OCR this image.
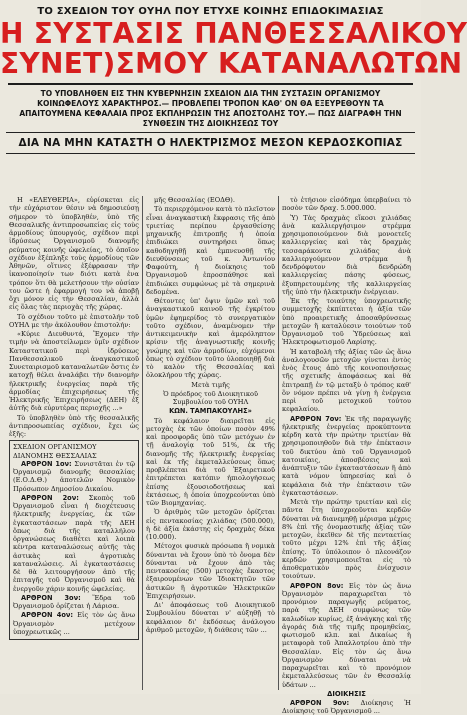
ΤΟ ΣΧΕΔΙΟΝ ΤΟΥ ΟΥΗΛ ΠΟΥ ΕΤΥΧΕ ΚΟΙΝΗΣ ΕΠΙΔΟΚΙΜΑΣΙΑΣ
Η ΣΥΣΤΑΣΙΣ ΠΑΝΘΕΣΣΑΛΙΚΟΥ
ΣΥΝΕΤ)ΣΜΟΥ ΚΑΤΑΝΑΛΩΤΩΝ
ΤΟ ΥΠΟΒΛΗΘΕΝ ΕΙΣ ΤΗΝ ΚΥΒΕΡΝΗΣΙΝ ΣΧΕΔΙΟΝ ΔΙΑ ΤΗΝ ΣΥΣΤΑΣΙΝ ΟΡΓΑΝΙΣΜΟΥ ΚΟΙΝΩΦΕΛΟΥΣ ΧΑΡΑΚΤΗΡΟΣ.— ΠΡΟΒΛΕΠΕΙ ΤΡΟΠΟΝ ΚΑΘ' ΟΝ ΘΑ ΕΞΕΥΡΕΘΟΥΝ ΤΑ ΑΠΑΙΤΟΥΜΕΝΑ ΚΕΦΑΛΑΙΑ ΠΡΟΣ ΕΚΠΛΗΡΩΣΙΝ ΤΗΣ ΑΠΟΣΤΟΛΗΣ ΤΟΥ.— ΠΩΣ ΔΙΑΓΡΑΦΗ ΤΗΝ ΣΥΝΘΕΣΙΝ ΤΗΣ ΔΙΟΙΚΗΣΕΩΣ ΤΟΥ
ΔΙΑ ΝΑ ΜΗΝ ΚΑΤΑΣΤΗ Ο ΗΛΕΚΤΡΙΣΜΟΣ ΜΕΣΟΝ ΚΕΡΔΟΣΚΟΠΙΑΣ

Η «ΕΛΕΥΘΕΡΙΑ», εὐρίσκεται εἰς τὴν εὐχάριστον θέσιν νὰ δημοσιεύσῃ σήμερον τὸ ὑποβληθέν, ὑπὸ τῆς Θεσσαλικῆς ἀντιπροσωπείας εἰς τοὺς ἁρμοδίους ὑπουργούς, σχέδιον περὶ ἱδρύσεως Ὀργανισμοῦ διανομῆς ρεύματος κοινῆς ὠφελείας, τὸ ὁποῖον σχέδιον ἐξέπληξε τοὺς ἁρμοδίους τῶν Ἀθηνῶν, οἵτινες ἐξέφρασαν τὴν ἱκανοποίησίν των διότι κατὰ ἐνα τρόπον ὅτι θὰ μελετήσουν τὴν οὐσίαν του ὥστε ἡ ἐφαρμογή του νὰ ἀποβῇ ὄχι μόνον εἰς τὴν Θεσσαλίαν, ἀλλὰ εἰς ὅλας τὰς περιοχὰς τῆς χώρας.

Τὸ σχέδιον τοῦτο μὲ ἐπιστολήν τοῦ ΟΥΗΛ με τὴν ἀκόλουθον ἐπιστολήν:

«Κύριε Διευθυντά, Ἔχομεν τὴν τιμὴν νὰ ἀποστείλωμεν ὑμῖν σχέδιον Καταστατικοῦ περὶ ἱδρύσεως Πανθεσσαλικοῦ ἀναγκαστικοῦ Συνεταιρισμοῦ καταναλωτῶν ὅστις ἐν κατοχῇ θέλει ἀναλάβει τὴν διανομὴν ἠλεκτρικῆς ἐνεργείας παρὰ τῆς ἁρμοδίας ἐπιχειρήσεως τῆς Ἠλεκτρικῆς Ἐπιχειρήσεως (ΔΕΗ) ἐξ ἀὐτῆς διὰ εὐρυτέρας περιοχῆς ...»

Τὸ ὑποβληθὲν ὑπὸ τῆς θεσσαλικῆς ἀντιπροσωπείας σχέδιον, ἔχει ὡς ἑξῆς:

ΣΧΕΔΙΟΝ ΟΡΓΑΝΙΣΜΟΥ
ΔΙΑΝΟΜΗΣ ΘΕΣΣΑΛΙΑΣ

ΑΡΘΡΟΝ 1ον: Συνιστᾶται ἐν τῷ Ὀργανισμῷ διανομῆς θεσσαλίας (Ε.Ο.Δ.Θ.) ἀποτελῶν Νομικὸν Πρόσωπον Δημοσίου Δικαίου.

ΑΡΘΡΟΝ 2ον: Σκοπὸς τοῦ Ὀργανισμοῦ εἶναι ἡ διοχέτευσις ἠλεκτρικῆς ἐνεργείας, ἐκ τῶν ἐγκαταστάσεων παρὰ τῆς ΔΕΗ ὅπως διὰ τῆς καταλλήλου ὀργανώσεως διαθέτει καὶ λοιπὰ κέντρα καταναλώσεως αὐτῆς τὰς ἀστικὰς καὶ ἀγροτικὰς καταναλώσεις. Αἱ ἐγκαταστάσεις δὲ θὰ λειτουργήσουν ἀπὸ τῆς ἐπιταγῆς τοῦ Ὀργανισμοῦ καὶ θὰ ἐνεργοῦν χάριν κοινῆς ὠφελείας.

ΑΡΘΡΟΝ 3ον: Ἕδρα τοῦ Ὀργανισμοῦ ὁρίζεται ἡ Λάρισα.

ΑΡΘΡΟΝ 4ον: Εἰς τὸν ὡς ἄνω Ὀργανισμὸν μετέχουν ὑποχρεωτικῶς ...

μῆς Θεσσαλίας (ΕΟΔΘ).

Τὸ περιερχόμενον κατὰ τὸ πλεῖστον εἶναι ἀναγκαστικὴ ἔκφρασις τῆς ἀπὸ τριετίας περίπου ἐργασθείσης μηχανικῆς ἐπιτροπῆς ἡ ὁποία ἐπιδιώκει συντηρήσει ὅπως καθοδηγηθῇ καὶ ἐμπνευσθῇ τῆς διευθύνσεως τοῦ κ. Ἀντωνίου Φαφούτη, ἡ διοίκησις τοῦ Ὀργανισμοῦ ἐπροσπάθησε καὶ ἐπιδιώκει συμφώνως μὲ τὰ σημερινὰ δεδομένα.

Θέτοντες ὑπ' ὄψιν ὑμῶν καὶ τοῦ ἀναγκαστικοῦ καινοῦ τῆς ἐγκρίτου ὑμῶν ἐφημερίδος τὸ συνεργατικὸν τοῦτο σχέδιον, ἀναμένομεν τὴν ἀντικειμενικὴν καὶ ἀμερόληπτον κρίσιν τῆς ἀναγνωστικῆς κοινῆς γνώμης καὶ τῶν ἁρμοδίων, εὐχόμενοι ὅπως τὸ σχέδιον τοῦτο ὑλοποιηθῇ διὰ τὸ καλὸν τῆς Θεσσαλίας καὶ ὁλοκλήρου τῆς χώρας.

Μετὰ τιμῆς

Ὁ πρόεδρος τοῦ Διοικητικοῦ Συμβουλίου τοῦ ΟΥΗΛ

ΚΩΝ. ΤΑΜΠΑΚΟΥΛΗΣ»

Τὸ κεφάλαιον διαιρεῖται εἰς μετοχὰς ἐκ τῶν ὁποίων ποσὸν 49% καὶ προσφορᾶς ὑπὸ τῶν μετόχων ἐν τῇ ἀναλογίᾳ τοῦ 51%, ἐκ τῆς διανομῆς τῆς ἠλεκτρικῆς ἐνεργείας καὶ ἐκ τῆς ἐκμεταλλεύσεως ὅπως προβλέπεται διὰ τοῦ Ἐξαιρετικοῦ ἐπιτρέπεται κατόπιν ἠπιολογήσεως ἐπίσης ἐξουσιοδοτήσεως καὶ ἐκτάσεως, ἡ ὁποία ὑποχρεούνται ὑπὸ τῶν Βιομηχανίας.

Ὁ ἀριθμὸς τῶν μετοχῶν ὁρίζεται εἰς πεντακοσίας χιλιάδας (500.000), ἡ δὲ ἀξία ἑκάστης εἰς δραχμὰς δέκα (10.000).

Μέτοχοι φυσικὰ πρόσωπα ἢ νομικὰ δύνανται νὰ ἔχουν ὑπὸ τὸ ὄνομα δὲν δύνανται νὰ ἔχουν ἀπὸ τὰς πεντακοσίας (500) μετοχὰς ἕκαστος ἐξαιρουμένων τῶν Ἰδιοκτητῶν τῶν ἀστικῶν ἢ ἀγροτικῶν Ἠλεκτρικῶν Ἐπιχειρήσεων.

Δι' ἀποφάσεως τοῦ Διοικητικοῦ Συμβουλίου δύναται ν' αὐξηθῇ τὸ κεφάλαιον δι' ἐκδόσεως ἀνάλογου ἀριθμοῦ μετοχῶν, ἡ διάθεσις τῶν ...

τὸ ἐτήσιον εἰσόδημα ὑπερβαίνει τὸ ποσὸν τῶν δραχ. 5.000.000.

Ὑ) Τὰς δραχμὰς εἴκοσι χιλιάδας ἀνὰ καλλιεργήσιμον στρέμμα χρησιμοποιούμενον διὰ μονοετεῖς καλλιεργείας καὶ τὰς δραχμὰς τεσσαράκοντα χιλιάδας ἀνὰ καλλιεργούμενον στρέμμα ἢ δενδρόφυτον διὰ δενδρώδη καλλιεργείας πάσης φύσεως, ἐξυπηρετουμένης τῆς καλλιεργείας τῆς ὑπὸ τὴν ἠλεκτρικὴν ἐνέργειαν.

Ἐκ τῆς τοιαύτης ὑποχρεωτικῆς συμμετοχῆς ἐκπίπτεται ἡ ἀξία τῶν ὑπὸ προαιρετικῆς ἀποσαθρύνσεως μετοχῶν ἢ καταλύεσιν τοιούτων τοῦ Ὀργανισμοῦ τοῦ Ὑδρεύσεως καὶ Ἠλεκτροφωτισμοῦ Λαρίσης.

Ἡ καταβολὴ τῆς ἀξίας τῶν ὡς ἄνω ἀναλογουσῶν μετοχῶν γίνεται ἐντὸς ἑνὸς ἔτους ἀπὸ τῆς κοινοποιήσεως τῆς σχετικῆς ἀποφάσεως καὶ θὰ ἐπιτραπῇ ἐν τῷ μεταξὺ ὁ τρόπος καθ' ὃν νόμον πρέπει νὰ γίνῃ ἡ ἐνέργεια περὶ τοῦ μετοχικοῦ τούτου κεφαλαίου.

ΑΡΘΡΟΝ 7ον: Ἐκ τῆς παραγωγῆς ἠλεκτρικῆς ἐνεργείας προκύπτοντα κέρδη κατὰ τὴν πρώτην τριετίαν θὰ χρησιμοποιηθοῦν διὰ τὴν ἐπέκτασιν τοῦ δικτύου ἀπὸ τοῦ Ὀργανισμοῦ κατοικίαις, ἀποσβέσεις καὶ ἀνάπτυξιν τῶν ἐγκαταστάσεων ἢ ἀπὸ κατὰ νόμον ὑπηρεσίας καὶ ὁ κεφάλαια διὰ τὴν ἐπέκτασιν τῶν ἐγκαταστάσεων.

Μετὰ τὴν πρώτην τριετίαν καὶ εἰς πᾶντα ἔτη ὑποχρεοῦνται κερδῶν δύναται νὰ διανεμηθῇ μέρισμα μέχρις 8% ἐπὶ τῆς ὀνομαστικῆς ἀξίας τῶν μετοχῶν, ἐκεῖθεν δὲ τῆς πενταετίας τοῦτο μέχρι 12% ἐπὶ τῆς ἀξίας ἐπίσης. Τὸ ὑπόλοιπον ὁ πλεονάζον κερδῶν χρησιμοποιεῖται εἰς τὸ ἀποθεματικὸν πρὸς ἐνίσχυσιν τοιούτων.

ΑΡΘΡΟΝ 8ον: Εἰς τὸν ὡς ἄνω Ὀργανισμὸν παραχωρεῖται τὸ προνόμιον παραγωγῆς ρεύματος, παρὰ τῆς ΔΕΗ συμφώνως τῶν καλωδίων κυρίως, ἐξ ἀνάγκης καὶ τῆς ἀγοράς διὰ τῆς τιμῆς προμηθείας, φωτισμοῦ κλπ. καὶ Δικαίως ἡ μεταφορὰ τοῦ Ἀπαλλοτρίου ἀπὸ τὴν Θεσσαλίαν. Εἰς τὸν ὡς ἄνω Ὀργανισμὸν δύναται νὰ παραχωρεῖται καὶ τὸ προνόμιον ἐκμεταλλεύσεως τῶν ἐν Θεσσαλίᾳ ὑδάτων ...

ΔΙΟΙΚΗΣΙΣ

ΑΡΘΡΟΝ 9ον: Διοίκησις Ἡ Διοίκησις τοῦ Ὀργανισμοῦ ...
